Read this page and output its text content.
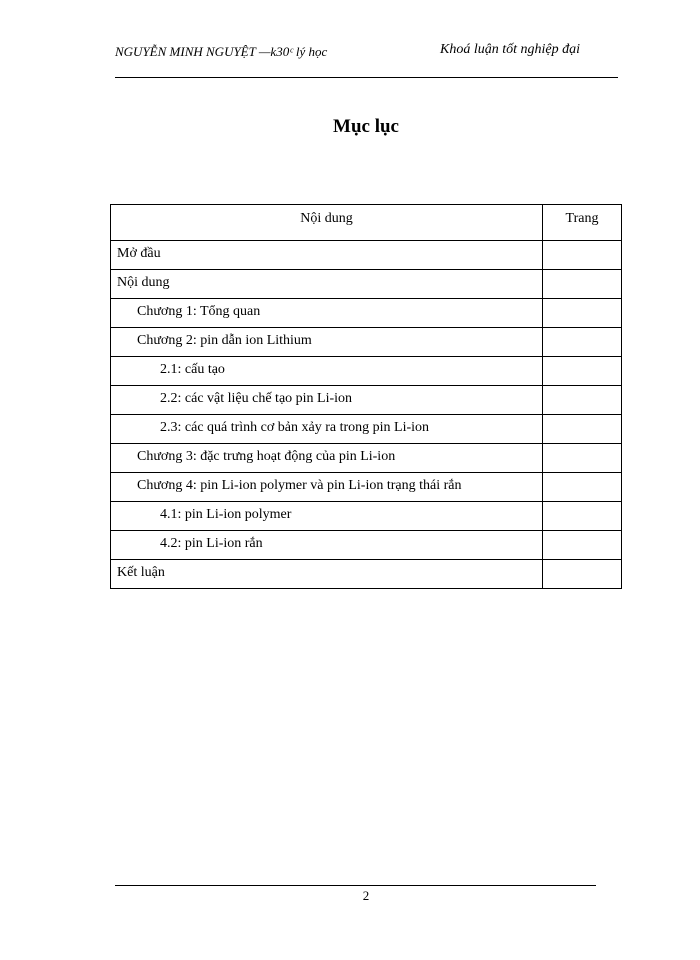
NGUYỄN MINH NGUYỆT —k30ᶜ lý học	Khoá luận tốt nghiệp đại
Mục lục
Nội dung	Trang
Mở đầu	
Nội dung	
Chương 1: Tổng quan	
Chương 2: pin dẫn ion Lithium	
2.1: cấu tạo	
2.2: các vật liệu chế tạo pin Li-ion	
2.3: các quá trình cơ bản xảy ra trong pin Li-ion	
Chương 3: đặc trưng hoạt động của pin Li-ion	
Chương 4: pin Li-ion polymer và pin Li-ion trạng thái rắn	
4.1: pin Li-ion polymer	
4.2: pin Li-ion rắn	
Kết luận	
2
